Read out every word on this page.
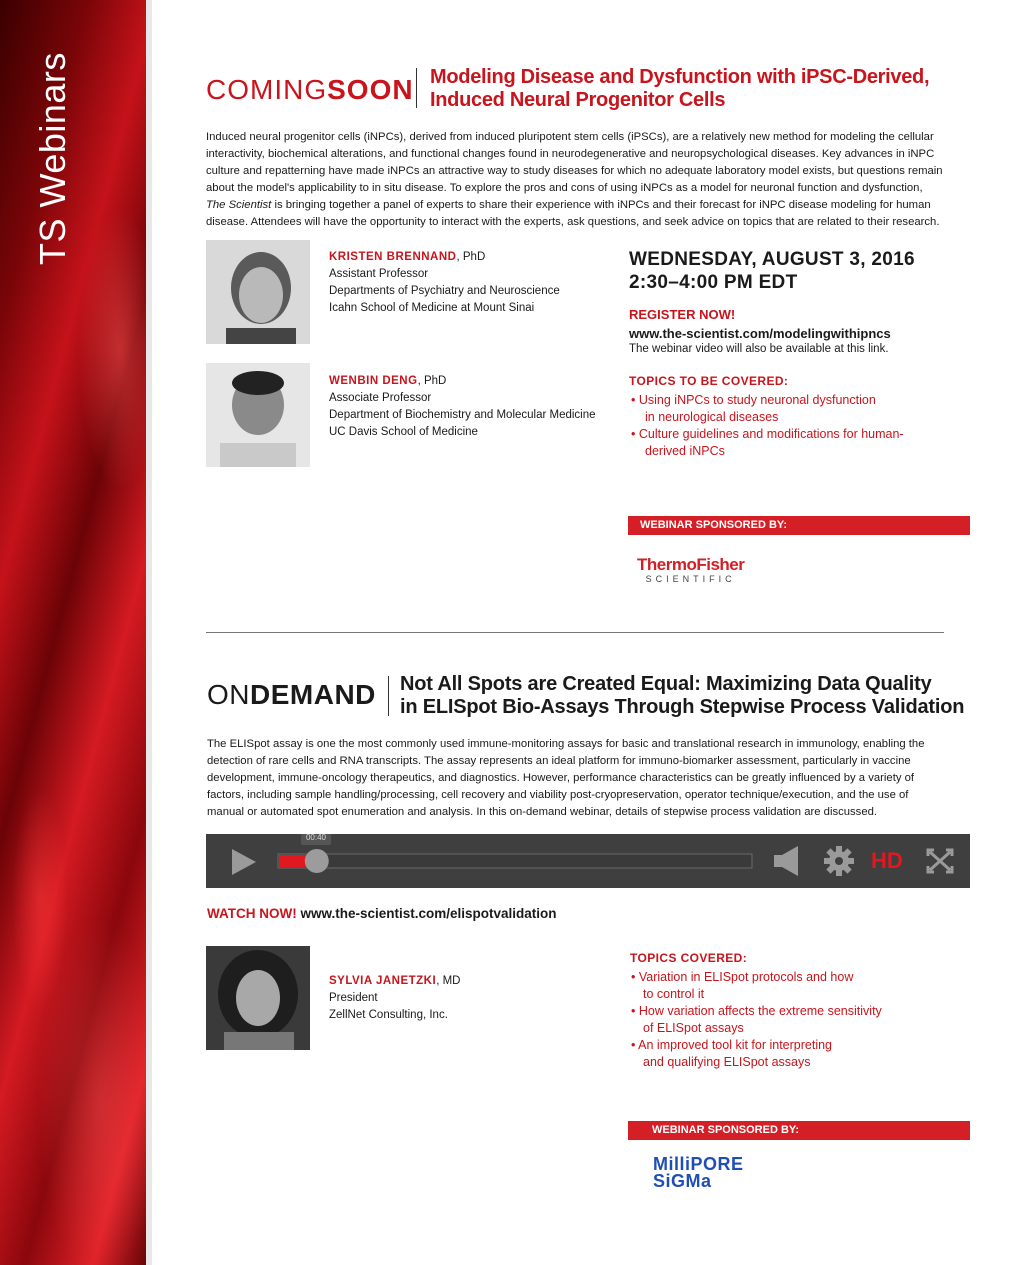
TS Webinars	COMINGSOON Modeling Disease and Dysfunction with iPSC-Derived,
Induced Neural Progenitor Cells
Induced neural progenitor cells (iNPCs), derived from induced pluripotent stem cells (iPSCs), are a relatively new method for modeling the cellular
interactivity, biochemical alterations, and functional changes found in neurodegenerative and neuropsychological diseases. Key advances in iNPC
culture and repatterning have made iNPCs an attractive way to study diseases for which no adequate laboratory model exists, but questions remain
about the model's applicability to in situ disease. To explore the pros and cons of using iNPCs as a model for neuronal function and dysfunction,
The Scientist is bringing together a panel of experts to share their experience with iNPCs and their forecast for iNPC disease modeling for human
disease. Attendees will have the opportunity to interact with the experts, ask questions, and seek advice on topics that are related to their research.
KRISTEN BRENNAND, PhD
Assistant Professor
Departments of Psychiatry and Neuroscience
Icahn School of Medicine at Mount Sinai
WENBIN DENG, PhD
Associate Professor
Department of Biochemistry and Molecular Medicine
UC Davis School of Medicine
WEDNESDAY, AUGUST 3, 2016
2:30–4:00 PM EDT
REGISTER NOW!
www.the-scientist.com/modelingwithipncs
The webinar video will also be available at this link.
TOPICS TO BE COVERED:
• Using iNPCs to study neuronal dysfunction
in neurological diseases
• Culture guidelines and modifications for human-
derived iNPCs
WEBINAR SPONSORED BY:
ThermoFisher
SCIENTIFIC
ONDEMAND Not All Spots are Created Equal: Maximizing Data Quality
in ELISpot Bio-Assays Through Stepwise Process Validation
The ELISpot assay is one the most commonly used immune-monitoring assays for basic and translational research in immunology, enabling the
detection of rare cells and RNA transcripts. The assay represents an ideal platform for immuno-biomarker assessment, particularly in vaccine
development, immune-oncology therapeutics, and diagnostics. However, performance characteristics can be greatly influenced by a variety of
factors, including sample handling/processing, cell recovery and viability post-cryopreservation, operator technique/execution, and the use of
manual or automated spot enumeration and analysis. In this on-demand webinar, details of stepwise process validation are discussed.
00:40
HD
WATCH NOW! www.the-scientist.com/elispotvalidation
SYLVIA JANETZKI, MD
President
ZellNet Consulting, Inc.
TOPICS COVERED:
• Variation in ELISpot protocols and how
to control it
• How variation affects the extreme sensitivity
of ELISpot assays
• An improved tool kit for interpreting
and qualifying ELISpot assays
WEBINAR SPONSORED BY:
MilliPORE
SiGMa
